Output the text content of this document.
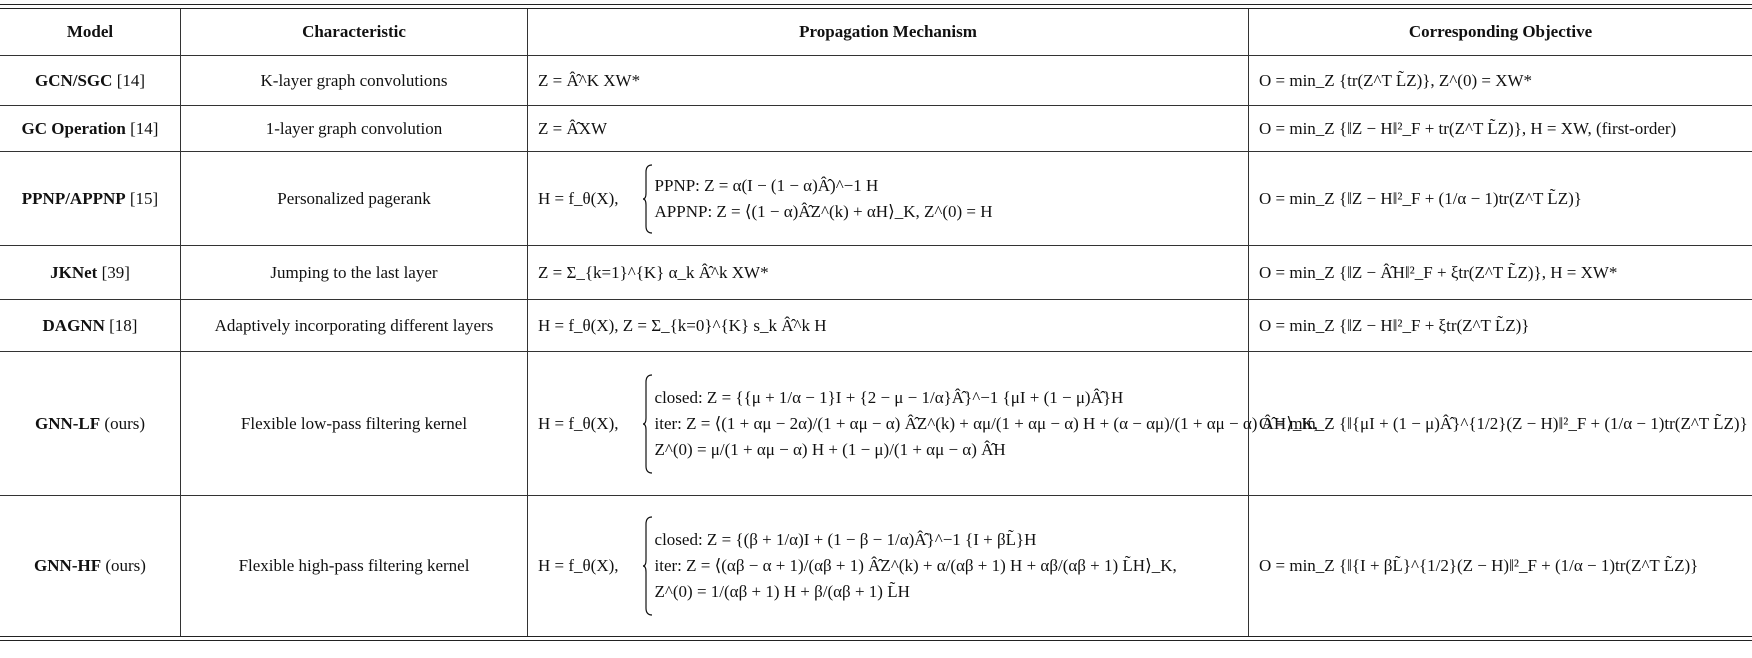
Model	Characteristic	Propagation Mechanism	Corresponding Objective
GCN/SGC [14]	K-layer graph convolutions	Z = Â̂^K XW*	O = min_Z {tr(Z^T L̃Z)}, Z^(0) = XW*
GC Operation [14]	1-layer graph convolution	Z = Â̂XW	O = min_Z {‖Z − H‖²_F + tr(Z^T L̃Z)}, H = XW, (first-order)
PPNP/APPNP [15]	Personalized pagerank	H = f_θ(X),
PPNP: Z = α(I − (1 − α)Â̂)^−1 H
APPNP: Z = ⟨(1 − α)Â̂Z^(k) + αH⟩_K, Z^(0) = H	O = min_Z {‖Z − H‖²_F + (1/α − 1)tr(Z^T L̃Z)}
JKNet [39]	Jumping to the last layer	Z = Σ_{k=1}^{K} α_k Â̂^k XW*	O = min_Z {‖Z − Â̂H‖²_F + ξtr(Z^T L̃Z)}, H = XW*
DAGNN [18]	Adaptively incorporating different layers	H = f_θ(X), Z = Σ_{k=0}^{K} s_k Â̂^k H	O = min_Z {‖Z − H‖²_F + ξtr(Z^T L̃Z)}
GNN-LF (ours)	Flexible low-pass filtering kernel	H = f_θ(X),
closed: Z = {{μ + 1/α − 1}I + {2 − μ − 1/α}Â̂}^−1 {μI + (1 − μ)Â̂}H
iter: Z = ⟨(1 + αμ − 2α)/(1 + αμ − α) Â̂Z^(k) + αμ/(1 + αμ − α) H + (α − αμ)/(1 + αμ − α) Â̂H⟩_K,
Z^(0) = μ/(1 + αμ − α) H + (1 − μ)/(1 + αμ − α) Â̂H	O = min_Z {‖{μI + (1 − μ)Â̂}^{1/2}(Z − H)‖²_F + (1/α − 1)tr(Z^T L̃Z)}
GNN-HF (ours)	Flexible high-pass filtering kernel	H = f_θ(X),
closed: Z = {(β + 1/α)I + (1 − β − 1/α)Â̂}^−1 {I + βL̃}H
iter: Z = ⟨(αβ − α + 1)/(αβ + 1) Â̂Z^(k) + α/(αβ + 1) H + αβ/(αβ + 1) L̃H⟩_K,
Z^(0) = 1/(αβ + 1) H + β/(αβ + 1) L̃H	O = min_Z {‖{I + βL̃}^{1/2}(Z − H)‖²_F + (1/α − 1)tr(Z^T L̃Z)}
